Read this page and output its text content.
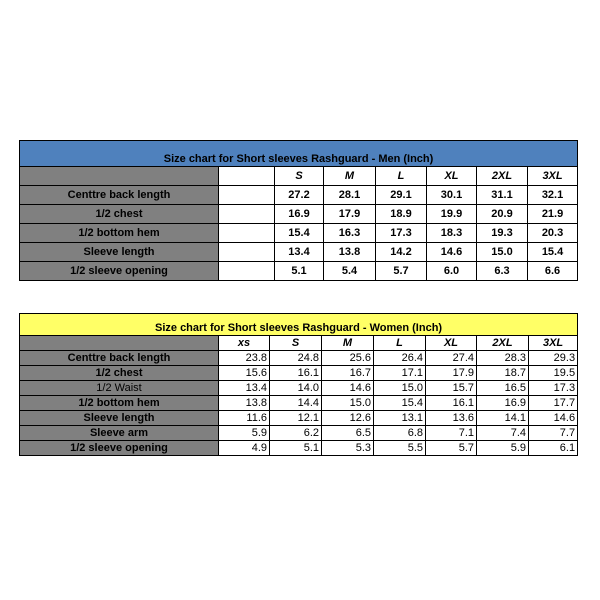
Size chart for Short sleeves Rashguard - Men (Inch)							
		S	M	L	XL	2XL	3XL
Centtre back length		27.2	28.1	29.1	30.1	31.1	32.1
1/2 chest		16.9	17.9	18.9	19.9	20.9	21.9
1/2 bottom hem		15.4	16.3	17.3	18.3	19.3	20.3
Sleeve length		13.4	13.8	14.2	14.6	15.0	15.4
1/2 sleeve opening		5.1	5.4	5.7	6.0	6.3	6.6
Size chart for Short sleeves Rashguard - Women (Inch)							
	xs	S	M	L	XL	2XL	3XL
Centtre back length	23.8	24.8	25.6	26.4	27.4	28.3	29.3
1/2 chest	15.6	16.1	16.7	17.1	17.9	18.7	19.5
1/2 Waist	13.4	14.0	14.6	15.0	15.7	16.5	17.3
1/2 bottom hem	13.8	14.4	15.0	15.4	16.1	16.9	17.7
Sleeve length	11.6	12.1	12.6	13.1	13.6	14.1	14.6
Sleeve arm	5.9	6.2	6.5	6.8	7.1	7.4	7.7
1/2 sleeve opening	4.9	5.1	5.3	5.5	5.7	5.9	6.1
